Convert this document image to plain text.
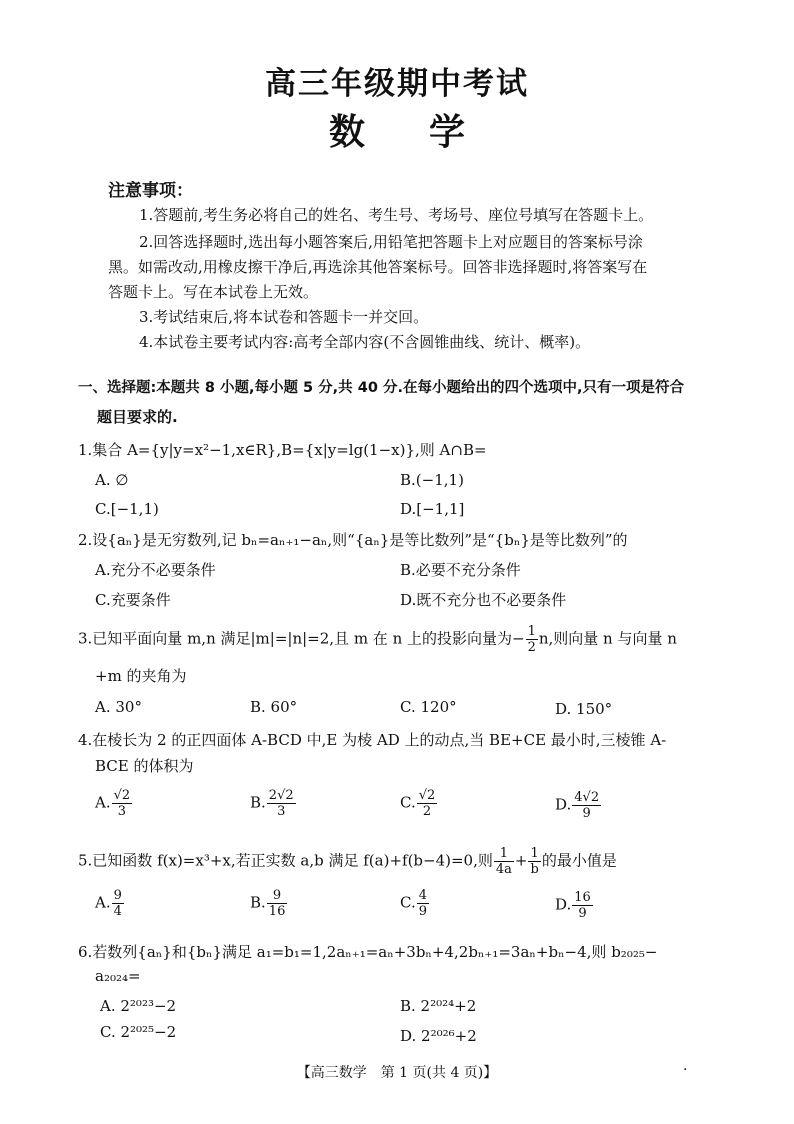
高三年级期中考试
数 学
注意事项：
1.答题前,考生务必将自己的姓名、考生号、考场号、座位号填写在答题卡上。
2.回答选择题时,选出每小题答案后,用铅笔把答题卡上对应题目的答案标号涂
黑。如需改动,用橡皮擦干净后,再选涂其他答案标号。回答非选择题时,将答案写在
答题卡上。写在本试卷上无效。
3.考试结束后,将本试卷和答题卡一并交回。
4.本试卷主要考试内容:高考全部内容(不含圆锥曲线、统计、概率)。
一、选择题:本题共 8 小题,每小题 5 分,共 40 分.在每小题给出的四个选项中,只有一项是符合
题目要求的.
1.集合 A={y|y=x²−1,x∈R},B={x|y=lg(1−x)},则 A∩B=
A. ∅	B.(−1,1)
C.[−1,1)	D.[−1,1]
2.设{aₙ}是无穷数列,记 bₙ=aₙ₊₁−aₙ,则“{aₙ}是等比数列”是“{bₙ}是等比数列”的
A.充分不必要条件	B.必要不充分条件
C.充要条件	D.既不充分也不必要条件
3.已知平面向量 m,n 满足|m|=|n|=2,且 m 在 n 上的投影向量为− $\frac{1}{2} n$,则向量 n 与向量 n
+m 的夹角为
A. 30°	B. 60°	C. 120°	D. 150°
4.在棱长为 2 的正四面体 A-BCD 中,E 为棱 AD 上的动点,当 BE+CE 最小时,三棱锥 A-
BCE 的体积为
A. $\frac{√2}{3}$	B. $\frac{2√2}{3}$	C. $\frac{√2}{2}$	D. $\frac{4√2}{9}$
5.已知函数 f(x)=x³+x,若正实数 a,b 满足 f(a)+f(b−4)=0,则 $\frac{1}{4a} + \frac{1}{b}$ 的最小值是
A. $\frac{9}{4}$	B. $\frac{9}{16}$	C. $\frac{4}{9}$	D. $\frac{16}{9}$
6.若数列{aₙ}和{bₙ}满足 a₁=b₁=1,2aₙ₊₁=aₙ+3bₙ+4,2bₙ₊₁=3aₙ+bₙ−4,则 b₂₀₂₅−
a₂₀₂₄=
A. 2²⁰²³−2	B. 2²⁰²⁴+2
C. 2²⁰²⁵−2	D. 2²⁰²⁶+2
【高三数学　第 1 页(共 4 页)】	·
